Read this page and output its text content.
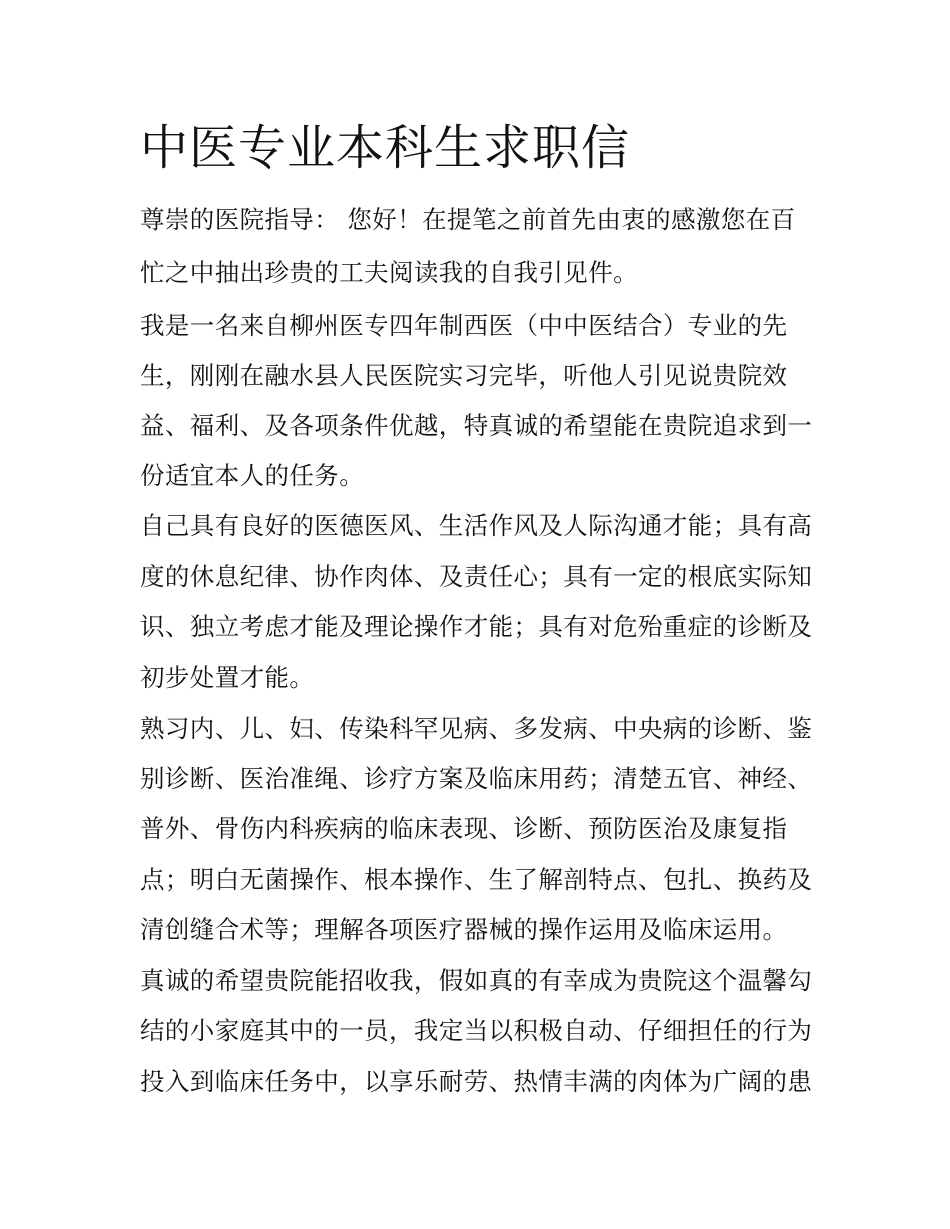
中医专业本科生求职信

尊崇的医院指导： 您好！在提笔之前首先由衷的感激您在百

忙之中抽出珍贵的工夫阅读我的自我引见件。

我是一名来自柳州医专四年制西医（中中医结合）专业的先

生，刚刚在融水县人民医院实习完毕，听他人引见说贵院效

益、福利、及各项条件优越，特真诚的希望能在贵院追求到一

份适宜本人的任务。

自己具有良好的医德医风、生活作风及人际沟通才能；具有高

度的休息纪律、协作肉体、及责任心；具有一定的根底实际知

识、独立考虑才能及理论操作才能；具有对危殆重症的诊断及

初步处置才能。

熟习内、儿、妇、传染科罕见病、多发病、中央病的诊断、鉴

别诊断、医治准绳、诊疗方案及临床用药；清楚五官、神经、

普外、骨伤内科疾病的临床表现、诊断、预防医治及康复指

点；明白无菌操作、根本操作、生了解剖特点、包扎、换药及

清创缝合术等；理解各项医疗器械的操作运用及临床运用。

真诚的希望贵院能招收我，假如真的有幸成为贵院这个温馨勾

结的小家庭其中的一员，我定当以积极自动、仔细担任的行为

投入到临床任务中，以享乐耐劳、热情丰满的肉体为广阔的患
